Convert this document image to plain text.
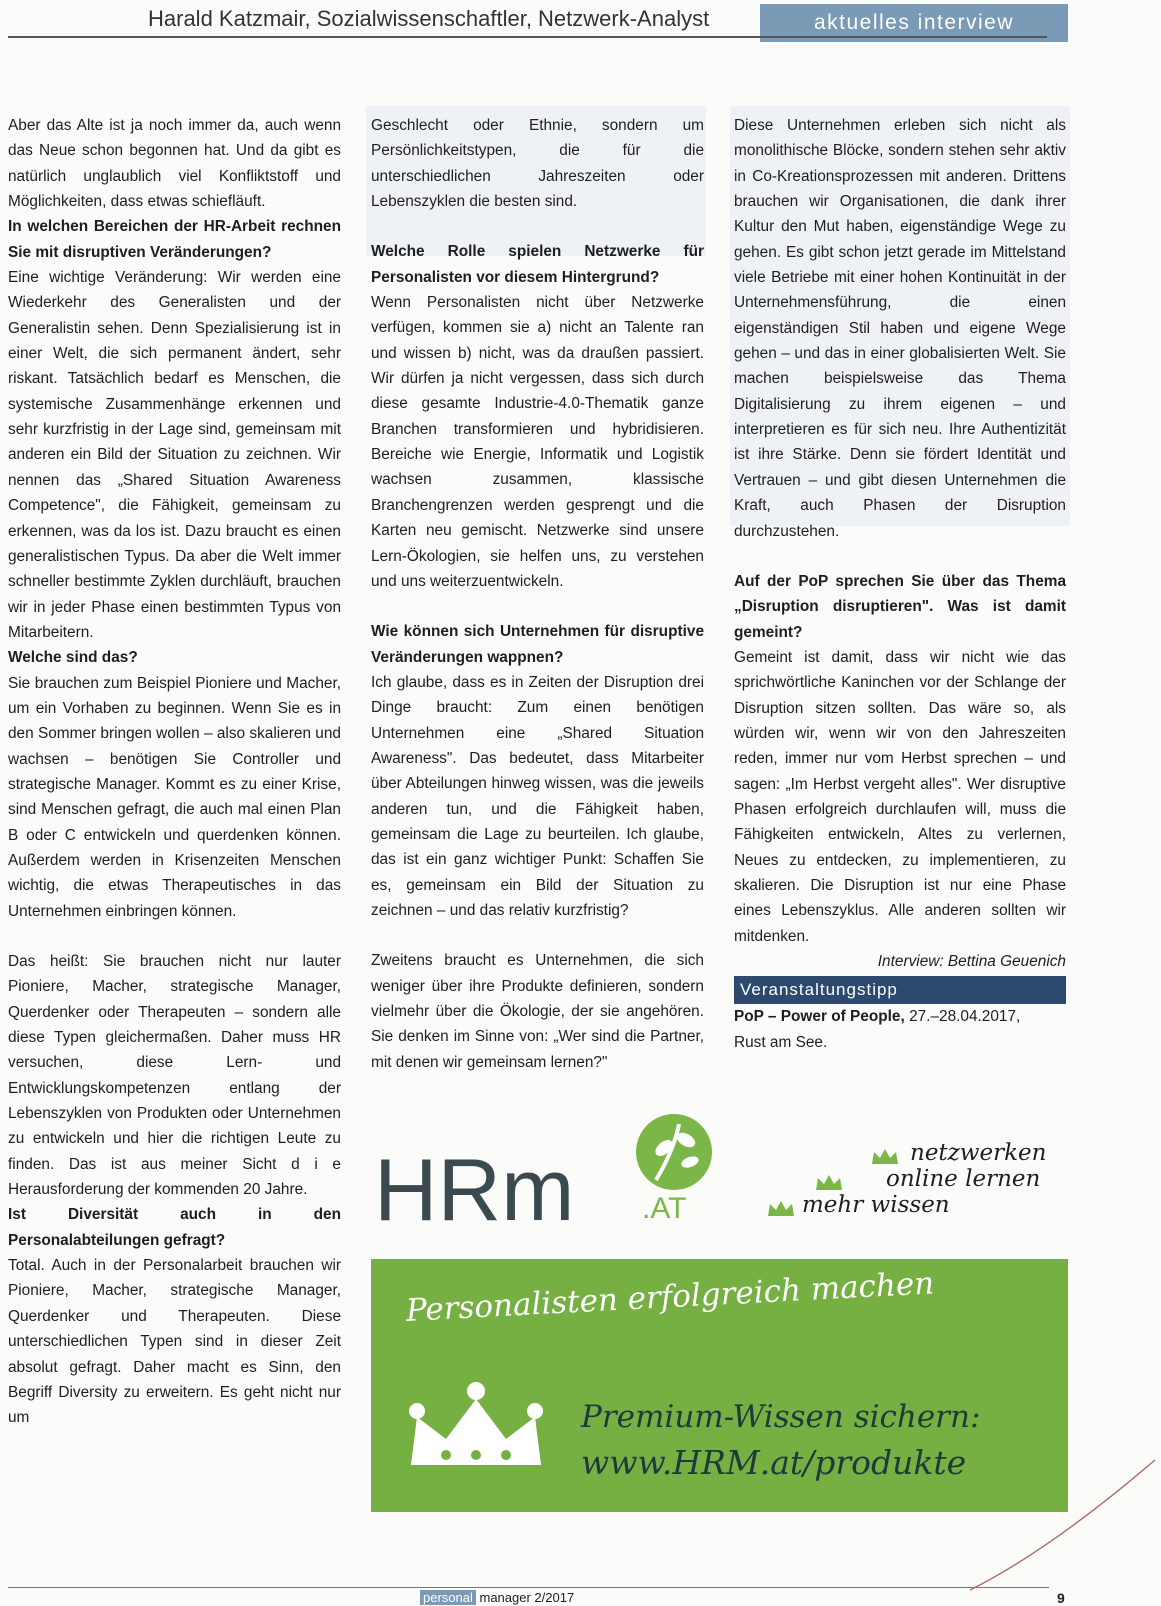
Harald Katzmair, Sozialwissenschaftler, Netzwerk-Analyst	aktuelles interview

Aber das Alte ist ja noch immer da, auch wenn das Neue schon begonnen hat. Und da gibt es natürlich unglaublich viel Konfliktstoff und Möglichkeiten, dass etwas schiefläuft.

In welchen Bereichen der HR-Arbeit rechnen Sie mit disruptiven Veränderungen?

Eine wichtige Veränderung: Wir werden eine Wiederkehr des Generalisten und der Generalistin sehen. Denn Spezialisierung ist in einer Welt, die sich permanent ändert, sehr riskant. Tatsächlich bedarf es Menschen, die systemische Zusammenhänge erkennen und sehr kurzfristig in der Lage sind, gemeinsam mit anderen ein Bild der Situation zu zeichnen. Wir nennen das „Shared Situation Awareness Competence", die Fähigkeit, gemeinsam zu erkennen, was da los ist. Dazu braucht es einen generalistischen Typus. Da aber die Welt immer schneller bestimmte Zyklen durchläuft, brauchen wir in jeder Phase einen bestimmten Typus von Mitarbeitern.

Welche sind das?

Sie brauchen zum Beispiel Pioniere und Macher, um ein Vorhaben zu beginnen. Wenn Sie es in den Sommer bringen wollen – also skalieren und wachsen – benötigen Sie Controller und strategische Manager. Kommt es zu einer Krise, sind Menschen gefragt, die auch mal einen Plan B oder C entwickeln und querdenken können. Außerdem werden in Krisenzeiten Menschen wichtig, die etwas Therapeutisches in das Unternehmen einbringen können.

Das heißt: Sie brauchen nicht nur lauter Pioniere, Macher, strategische Manager, Querdenker oder Therapeuten – sondern alle diese Typen gleichermaßen. Daher muss HR versuchen, diese Lern- und Entwicklungskompetenzen entlang der Lebenszyklen von Produkten oder Unternehmen zu entwickeln und hier die richtigen Leute zu finden. Das ist aus meiner Sicht d i e Herausforderung der kommenden 20 Jahre.

Ist Diversität auch in den Personalabteilungen gefragt?

Total. Auch in der Personalarbeit brauchen wir Pioniere, Macher, strategische Manager, Querdenker und Therapeuten. Diese unterschiedlichen Typen sind in dieser Zeit absolut gefragt. Daher macht es Sinn, den Begriff Diversity zu erweitern. Es geht nicht nur um

Geschlecht oder Ethnie, sondern um Persönlichkeitstypen, die für die unterschiedlichen Jahreszeiten oder Lebenszyklen die besten sind.

Welche Rolle spielen Netzwerke für Personalisten vor diesem Hintergrund?

Wenn Personalisten nicht über Netzwerke verfügen, kommen sie a) nicht an Talente ran und wissen b) nicht, was da draußen passiert. Wir dürfen ja nicht vergessen, dass sich durch diese gesamte Industrie-4.0-Thematik ganze Branchen transformieren und hybridisieren. Bereiche wie Energie, Informatik und Logistik wachsen zusammen, klassische Branchengrenzen werden gesprengt und die Karten neu gemischt. Netzwerke sind unsere Lern-Ökologien, sie helfen uns, zu verstehen und uns weiterzuentwickeln.

Wie können sich Unternehmen für disruptive Veränderungen wappnen?

Ich glaube, dass es in Zeiten der Disruption drei Dinge braucht: Zum einen benötigen Unternehmen eine „Shared Situation Awareness". Das bedeutet, dass Mitarbeiter über Abteilungen hinweg wissen, was die jeweils anderen tun, und die Fähigkeit haben, gemeinsam die Lage zu beurteilen. Ich glaube, das ist ein ganz wichtiger Punkt: Schaffen Sie es, gemeinsam ein Bild der Situation zu zeichnen – und das relativ kurzfristig?

Zweitens braucht es Unternehmen, die sich weniger über ihre Produkte definieren, sondern vielmehr über die Ökologie, der sie angehören. Sie denken im Sinne von: „Wer sind die Partner, mit denen wir gemeinsam lernen?"

Diese Unternehmen erleben sich nicht als monolithische Blöcke, sondern stehen sehr aktiv in Co-Kreationsprozessen mit anderen. Drittens brauchen wir Organisationen, die dank ihrer Kultur den Mut haben, eigenständige Wege zu gehen. Es gibt schon jetzt gerade im Mittelstand viele Betriebe mit einer hohen Kontinuität in der Unternehmensführung, die einen eigenständigen Stil haben und eigene Wege gehen – und das in einer globalisierten Welt. Sie machen beispielsweise das Thema Digitalisierung zu ihrem eigenen – und interpretieren es für sich neu. Ihre Authentizität ist ihre Stärke. Denn sie fördert Identität und Vertrauen – und gibt diesen Unternehmen die Kraft, auch Phasen der Disruption durchzustehen.

Auf der PoP sprechen Sie über das Thema „Disruption disruptieren". Was ist damit gemeint?

Gemeint ist damit, dass wir nicht wie das sprichwörtliche Kaninchen vor der Schlange der Disruption sitzen sollten. Das wäre so, als würden wir, wenn wir von den Jahreszeiten reden, immer nur vom Herbst sprechen – und sagen: „Im Herbst vergeht alles". Wer disruptive Phasen erfolgreich durchlaufen will, muss die Fähigkeiten entwickeln, Altes zu verlernen, Neues zu entdecken, zu implementieren, zu skalieren. Die Disruption ist nur eine Phase eines Lebenszyklus. Alle anderen sollten wir mitdenken.

Interview: Bettina Geuenich

Veranstaltungstipp

PoP – Power of People, 27.–28.04.2017,
Rust am See.

HRm .AT
netzwerken
online lernen
mehr wissen
Personalisten erfolgreich machen
Premium-Wissen sichern:
www.HRM.at/produkte
personal manager 2/2017	9
